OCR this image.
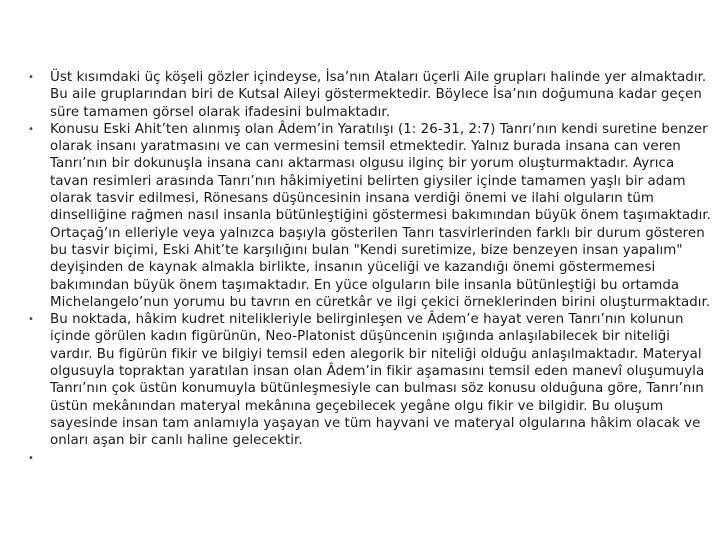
• Üst kısımdaki üç köşeli gözler içindeyse, İsa’nın Ataları üçerli Aile grupları halinde yer almaktadır. Bu aile gruplarından biri de Kutsal Aileyi göstermektedir. Böylece İsa’nın doğumuna kadar geçen süre tamamen görsel olarak ifadesini bulmaktadır.
• Konusu Eski Ahit’ten alınmış olan Âdem’in Yaratılışı (1: 26-31, 2:7) Tanrı’nın kendi suretine benzer olarak insanı yaratmasını ve can vermesini temsil etmektedir. Yalnız burada insana can veren Tanrı’nın bir dokunuşla insana canı aktarması olgusu ilginç bir yorum oluşturmaktadır. Ayrıca tavan resimleri arasında Tanrı’nın hâkimiyetini belirten giysiler içinde tamamen yaşlı bir adam olarak tasvir edilmesi, Rönesans düşüncesinin insana verdiği önemi ve ilahi olguların tüm dinselliğine rağmen nasıl insanla bütünleştiğini göstermesi bakımından büyük önem taşımaktadır. Ortaçağ’ın elleriyle veya yalnızca başıyla gösterilen Tanrı tasvirlerinden farklı bir durum gösteren bu tasvir biçimi, Eski Ahit’te karşılığını bulan "Kendi suretimize, bize benzeyen insan yapalım" deyişinden de kaynak almakla birlikte, insanın yüceliği ve kazandığı önemi göstermemesi bakımından büyük önem taşımaktadır. En yüce olguların bile insanla bütünleştiği bu ortamda Michelangelo’nun yorumu bu tavrın en cüretkâr ve ilgi çekici örneklerinden birini oluşturmaktadır.
• Bu noktada, hâkim kudret nitelikleriyle belirginleşen ve Âdem’e hayat veren Tanrı’nın kolunun içinde görülen kadın figürünün, Neo-Platonist düşüncenin ışığında anlaşılabilecek bir niteliği vardır. Bu figürün fikir ve bilgiyi temsil eden alegorik bir niteliği olduğu anlaşılmaktadır. Materyal olgusuyla topraktan yaratılan insan olan Âdem’in fikir aşamasını temsil eden manevî oluşumuyla Tanrı’nın çok üstün konumuyla bütünleşmesiyle can bulması söz konusu olduğuna göre, Tanrı’nın üstün mekânından materyal mekânına geçebilecek yegâne olgu fikir ve bilgidir. Bu oluşum sayesinde insan tam anlamıyla yaşayan ve tüm hayvani ve materyal olgularına hâkim olacak ve onları aşan bir canlı haline gelecektir.
•
